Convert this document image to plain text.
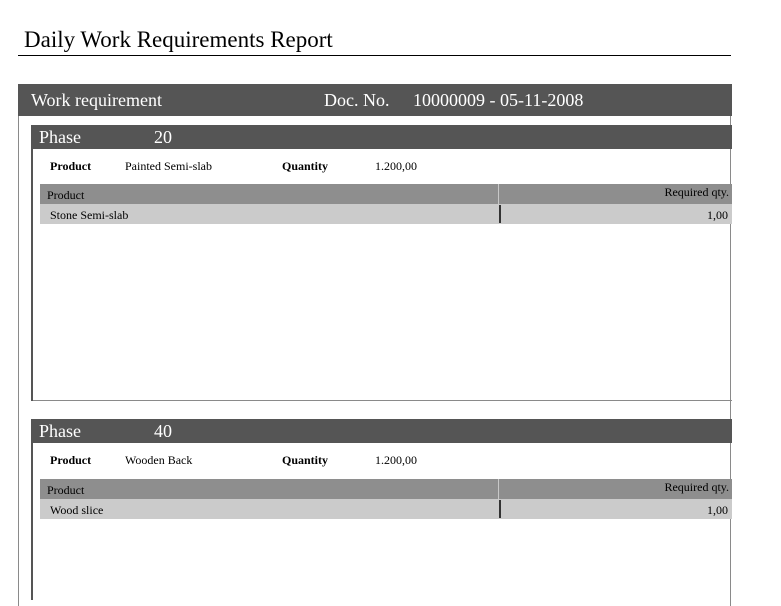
Daily Work Requirements Report
Work requirement	Doc. No. 10000009 - 05-11-2008
Phase	20
Product	Painted Semi-slab	Quantity	1.200,00
Product	Required qty.
Stone Semi-slab	1,00
Phase	40
Product	Wooden Back	Quantity	1.200,00
Product	Required qty.
Wood slice	1,00
